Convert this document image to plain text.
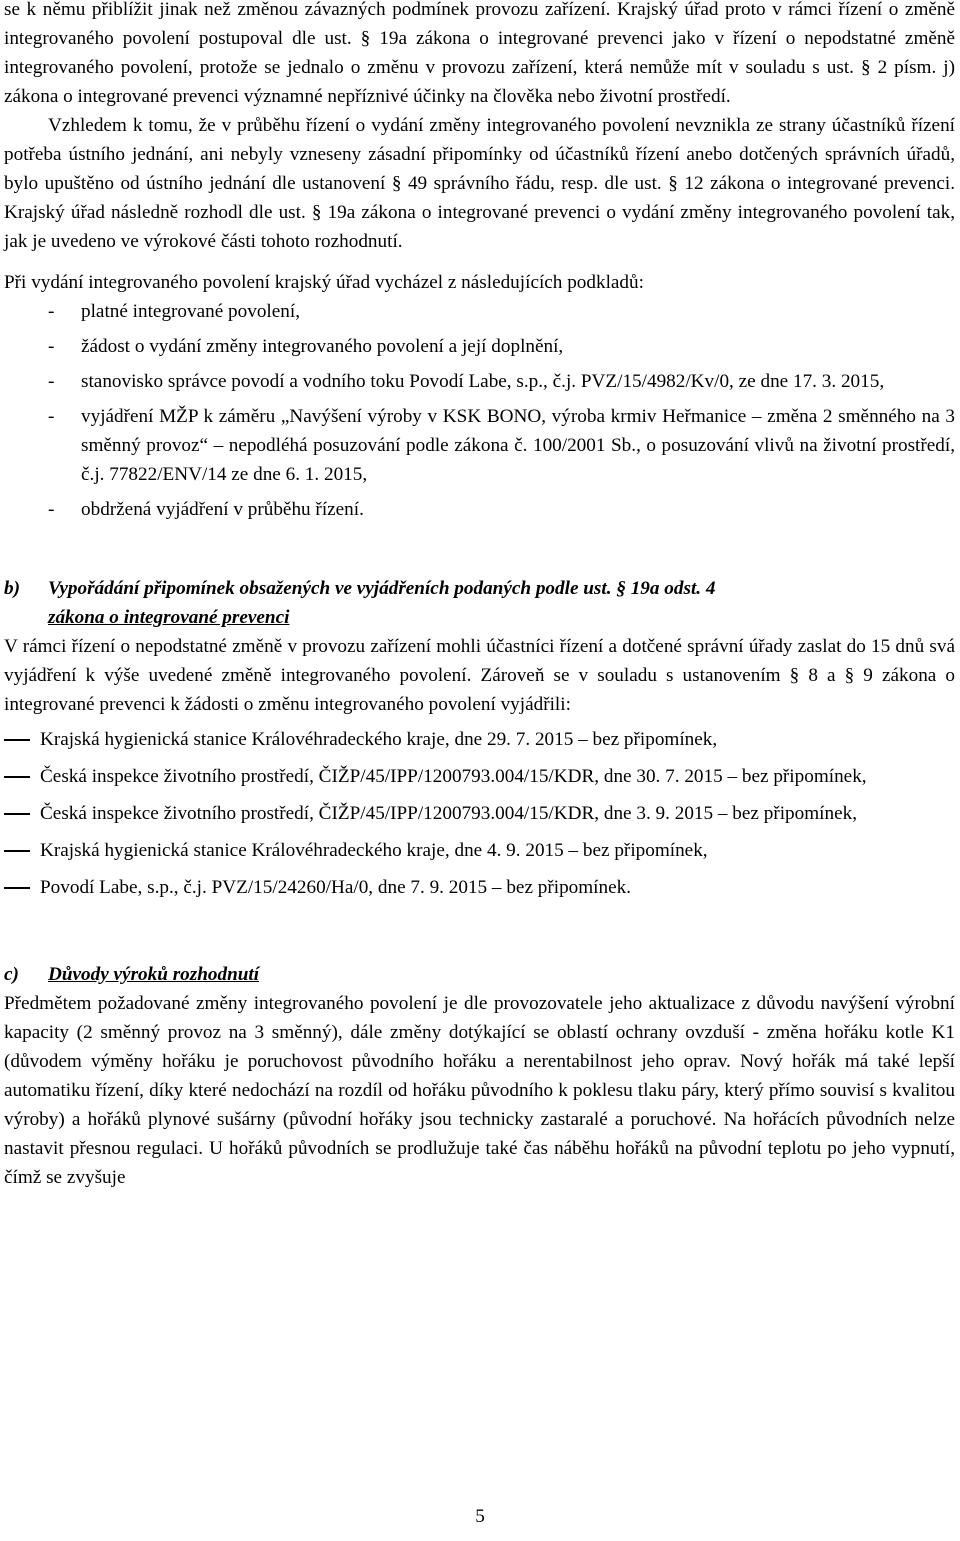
se k němu přiblížit jinak než změnou závazných podmínek provozu zařízení. Krajský úřad proto v rámci řízení o změně integrovaného povolení postupoval dle ust. § 19a zákona o integrované prevenci jako v řízení o nepodstatné změně integrovaného povolení, protože se jednalo o změnu v provozu zařízení, která nemůže mít v souladu s ust. § 2 písm. j) zákona o integrované prevenci významné nepříznivé účinky na člověka nebo životní prostředí.

Vzhledem k tomu, že v průběhu řízení o vydání změny integrovaného povolení nevznikla ze strany účastníků řízení potřeba ústního jednání, ani nebyly vzneseny zásadní připomínky od účastníků řízení anebo dotčených správních úřadů, bylo upuštěno od ústního jednání dle ustanovení § 49 správního řádu, resp. dle ust. § 12 zákona o integrované prevenci. Krajský úřad následně rozhodl dle ust. § 19a zákona o integrované prevenci o vydání změny integrovaného povolení tak, jak je uvedeno ve výrokové části tohoto rozhodnutí.

Při vydání integrovaného povolení krajský úřad vycházel z následujících podkladů:

- platné integrované povolení,
- žádost o vydání změny integrovaného povolení a její doplnění,
- stanovisko správce povodí a vodního toku Povodí Labe, s.p., č.j. PVZ/15/4982/Kv/0, ze dne 17. 3. 2015,
- vyjádření MŽP k záměru „Navýšení výroby v KSK BONO, výroba krmiv Heřmanice – změna 2 směnného na 3 směnný provoz“ – nepodléhá posuzování podle zákona č. 100/2001 Sb., o posuzování vlivů na životní prostředí, č.j. 77822/ENV/14 ze dne 6. 1. 2015,
- obdržená vyjádření v průběhu řízení.
b) Vypořádání připomínek obsažených ve vyjádřeních podaných podle ust. § 19a odst. 4
zákona o integrované prevenci

V rámci řízení o nepodstatné změně v provozu zařízení mohli účastníci řízení a dotčené správní úřady zaslat do 15 dnů svá vyjádření k výše uvedené změně integrovaného povolení. Zároveň se v souladu s ustanovením § 8 a § 9 zákona o integrované prevenci k žádosti o změnu integrovaného povolení vyjádřili:

Krajská hygienická stanice Královéhradeckého kraje, dne 29. 7. 2015 – bez připomínek,
Česká inspekce životního prostředí, ČIŽP/45/IPP/1200793.004/15/KDR, dne 30. 7. 2015 – bez připomínek,
Česká inspekce životního prostředí, ČIŽP/45/IPP/1200793.004/15/KDR, dne 3. 9. 2015 – bez připomínek,
Krajská hygienická stanice Královéhradeckého kraje, dne 4. 9. 2015 – bez připomínek,
Povodí Labe, s.p., č.j. PVZ/15/24260/Ha/0, dne 7. 9. 2015 – bez připomínek.
c) Důvody výroků rozhodnutí

Předmětem požadované změny integrovaného povolení je dle provozovatele jeho aktualizace z důvodu navýšení výrobní kapacity (2 směnný provoz na 3 směnný), dále změny dotýkající se oblastí ochrany ovzduší - změna hořáku kotle K1 (důvodem výměny hořáku je poruchovost původního hořáku a nerentabilnost jeho oprav. Nový hořák má také lepší automatiku řízení, díky které nedochází na rozdíl od hořáku původního k poklesu tlaku páry, který přímo souvisí s kvalitou výroby) a hořáků plynové sušárny (původní hořáky jsou technicky zastaralé a poruchové. Na hořácích původních nelze nastavit přesnou regulaci. U hořáků původních se prodlužuje také čas náběhu hořáků na původní teplotu po jeho vypnutí, čímž se zvyšuje

5
